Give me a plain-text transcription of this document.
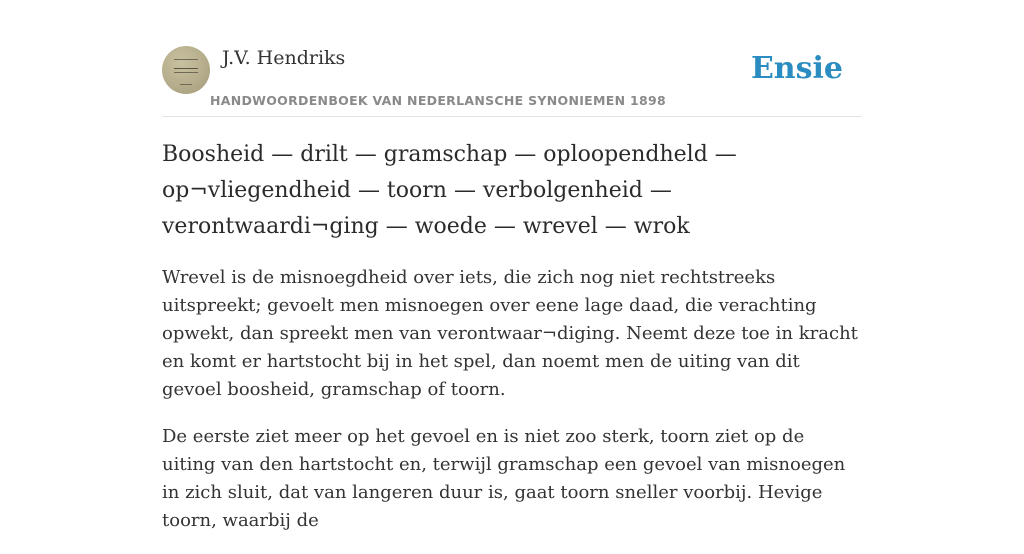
J.V. Hendriks
HANDWOORDENBOEK VAN NEDERLANSCHE SYNONIEMEN 1898
Ensie
Boosheid — drilt — gramschap — oploopendheld — op¬vliegendheid — toorn — verbolgenheid — verontwaardi¬ging — woede — wrevel — wrok

Wrevel is de misnoegdheid over iets, die zich nog niet rechtstreeks uitspreekt; gevoelt men misnoegen over eene lage daad, die verachting opwekt, dan spreekt men van verontwaar¬diging. Neemt deze toe in kracht en komt er hartstocht bij in het spel, dan noemt men de uiting van dit gevoel boosheid, gramschap of toorn.

De eerste ziet meer op het gevoel en is niet zoo sterk, toorn ziet op de uiting van den hartstocht en, terwijl gramschap een gevoel van misnoegen in zich sluit, dat van langeren duur is, gaat toorn sneller voorbij. Hevige toorn, waarbij de
